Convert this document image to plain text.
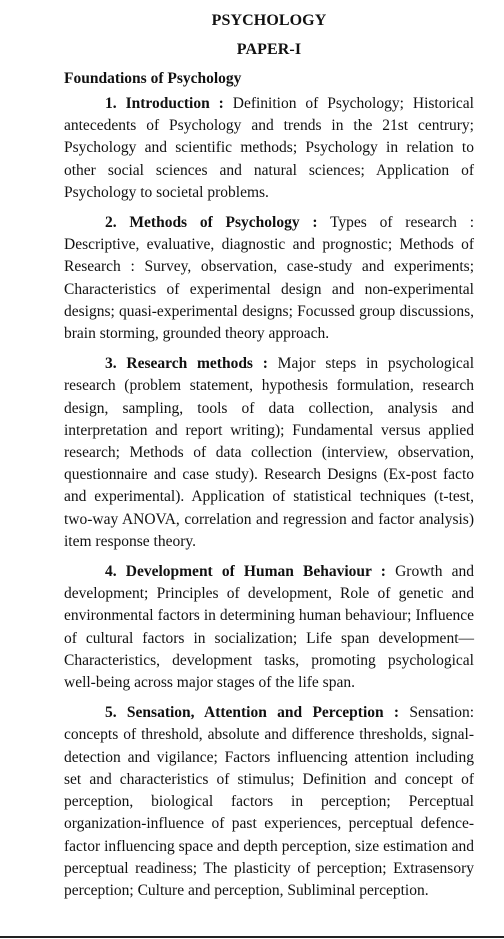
PSYCHOLOGY
PAPER-I
Foundations of Psychology

1. Introduction : Definition of Psychology; Historical antecedents of Psychology and trends in the 21st centrury; Psychology and scientific methods; Psychology in relation to other social sciences and natural sciences; Application of Psychology to societal problems.

2. Methods of Psychology : Types of research : Descriptive, evaluative, diagnostic and prognostic; Methods of Research : Survey, observation, case-study and experiments; Characteristics of experimental design and non-experimental designs; quasi-experimental designs; Focussed group discussions, brain storming, grounded theory approach.

3. Research methods : Major steps in psychological research (problem statement, hypothesis formulation, research design, sampling, tools of data collection, analysis and interpretation and report writing); Fundamental versus applied research; Methods of data collection (interview, observation, questionnaire and case study). Research Designs (Ex-post facto and experimental). Application of statistical techniques (t-test, two-way ANOVA, correlation and regression and factor analysis) item response theory.

4. Development of Human Behaviour : Growth and development; Principles of development, Role of genetic and environmental factors in determining human behaviour; Influence of cultural factors in socialization; Life span development—Characteristics, development tasks, promoting psychological well-being across major stages of the life span.

5. Sensation, Attention and Perception : Sensation: concepts of threshold, absolute and difference thresholds, signal-detection and vigilance; Factors influencing attention including set and characteristics of stimulus; Definition and concept of perception, biological factors in perception; Perceptual organization-influence of past experiences, perceptual defence-factor influencing space and depth perception, size estimation and perceptual readiness; The plasticity of perception; Extrasensory perception; Culture and perception, Subliminal perception.
